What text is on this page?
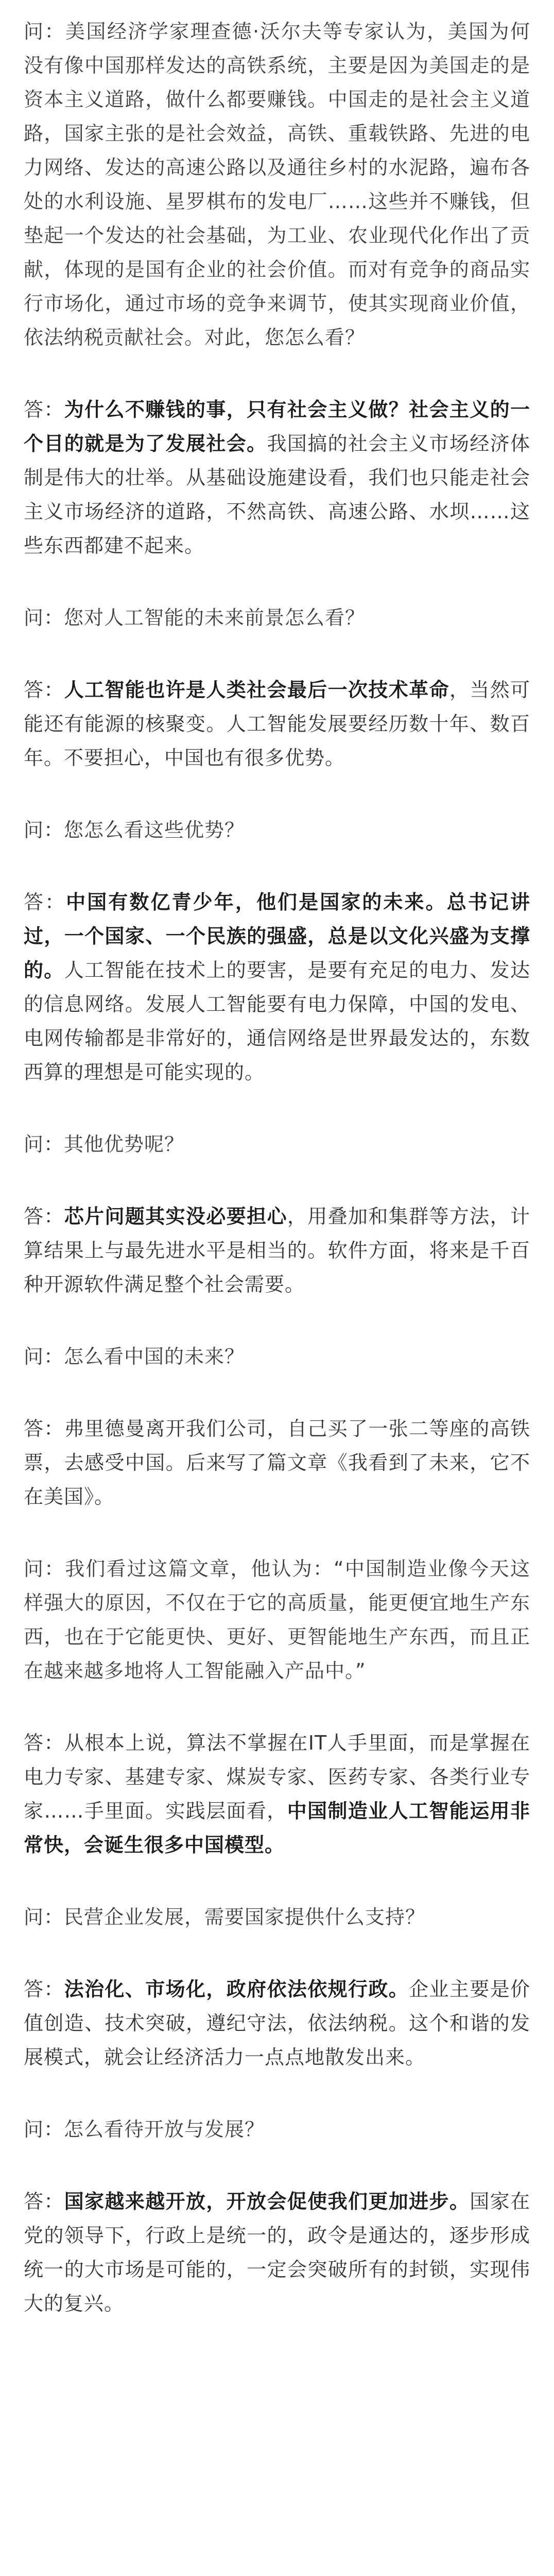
问：美国经济学家理查德·沃尔夫等专家认为，美国为何没有像中国那样发达的高铁系统，主要是因为美国走的是资本主义道路，做什么都要赚钱。中国走的是社会主义道路，国家主张的是社会效益，高铁、重载铁路、先进的电力网络、发达的高速公路以及通往乡村的水泥路，遍布各处的水利设施、星罗棋布的发电厂……这些并不赚钱，但垫起一个发达的社会基础，为工业、农业现代化作出了贡献，体现的是国有企业的社会价值。而对有竞争的商品实行市场化，通过市场的竞争来调节，使其实现商业价值，依法纳税贡献社会。对此，您怎么看？

答：为什么不赚钱的事，只有社会主义做？社会主义的一个目的就是为了发展社会。我国搞的社会主义市场经济体制是伟大的壮举。从基础设施建设看，我们也只能走社会主义市场经济的道路，不然高铁、高速公路、水坝……这些东西都建不起来。

问：您对人工智能的未来前景怎么看？

答：人工智能也许是人类社会最后一次技术革命，当然可能还有能源的核聚变。人工智能发展要经历数十年、数百年。不要担心，中国也有很多优势。

问：您怎么看这些优势？

答：中国有数亿青少年，他们是国家的未来。总书记讲过，一个国家、一个民族的强盛，总是以文化兴盛为支撑的。人工智能在技术上的要害，是要有充足的电力、发达的信息网络。发展人工智能要有电力保障，中国的发电、电网传输都是非常好的，通信网络是世界最发达的，东数西算的理想是可能实现的。

问：其他优势呢？

答：芯片问题其实没必要担心，用叠加和集群等方法，计算结果上与最先进水平是相当的。软件方面，将来是千百种开源软件满足整个社会需要。

问：怎么看中国的未来？

答：弗里德曼离开我们公司，自己买了一张二等座的高铁票，去感受中国。后来写了篇文章《我看到了未来，它不在美国》。

问：我们看过这篇文章，他认为：“中国制造业像今天这样强大的原因，不仅在于它的高质量，能更便宜地生产东西，也在于它能更快、更好、更智能地生产东西，而且正在越来越多地将人工智能融入产品中。”

答：从根本上说，算法不掌握在IT人手里面，而是掌握在电力专家、基建专家、煤炭专家、医药专家、各类行业专家……手里面。实践层面看，中国制造业人工智能运用非常快，会诞生很多中国模型。

问：民营企业发展，需要国家提供什么支持？

答：法治化、市场化，政府依法依规行政。企业主要是价值创造、技术突破，遵纪守法，依法纳税。这个和谐的发展模式，就会让经济活力一点点地散发出来。

问：怎么看待开放与发展？

答：国家越来越开放，开放会促使我们更加进步。国家在党的领导下，行政上是统一的，政令是通达的，逐步形成统一的大市场是可能的，一定会突破所有的封锁，实现伟大的复兴。
